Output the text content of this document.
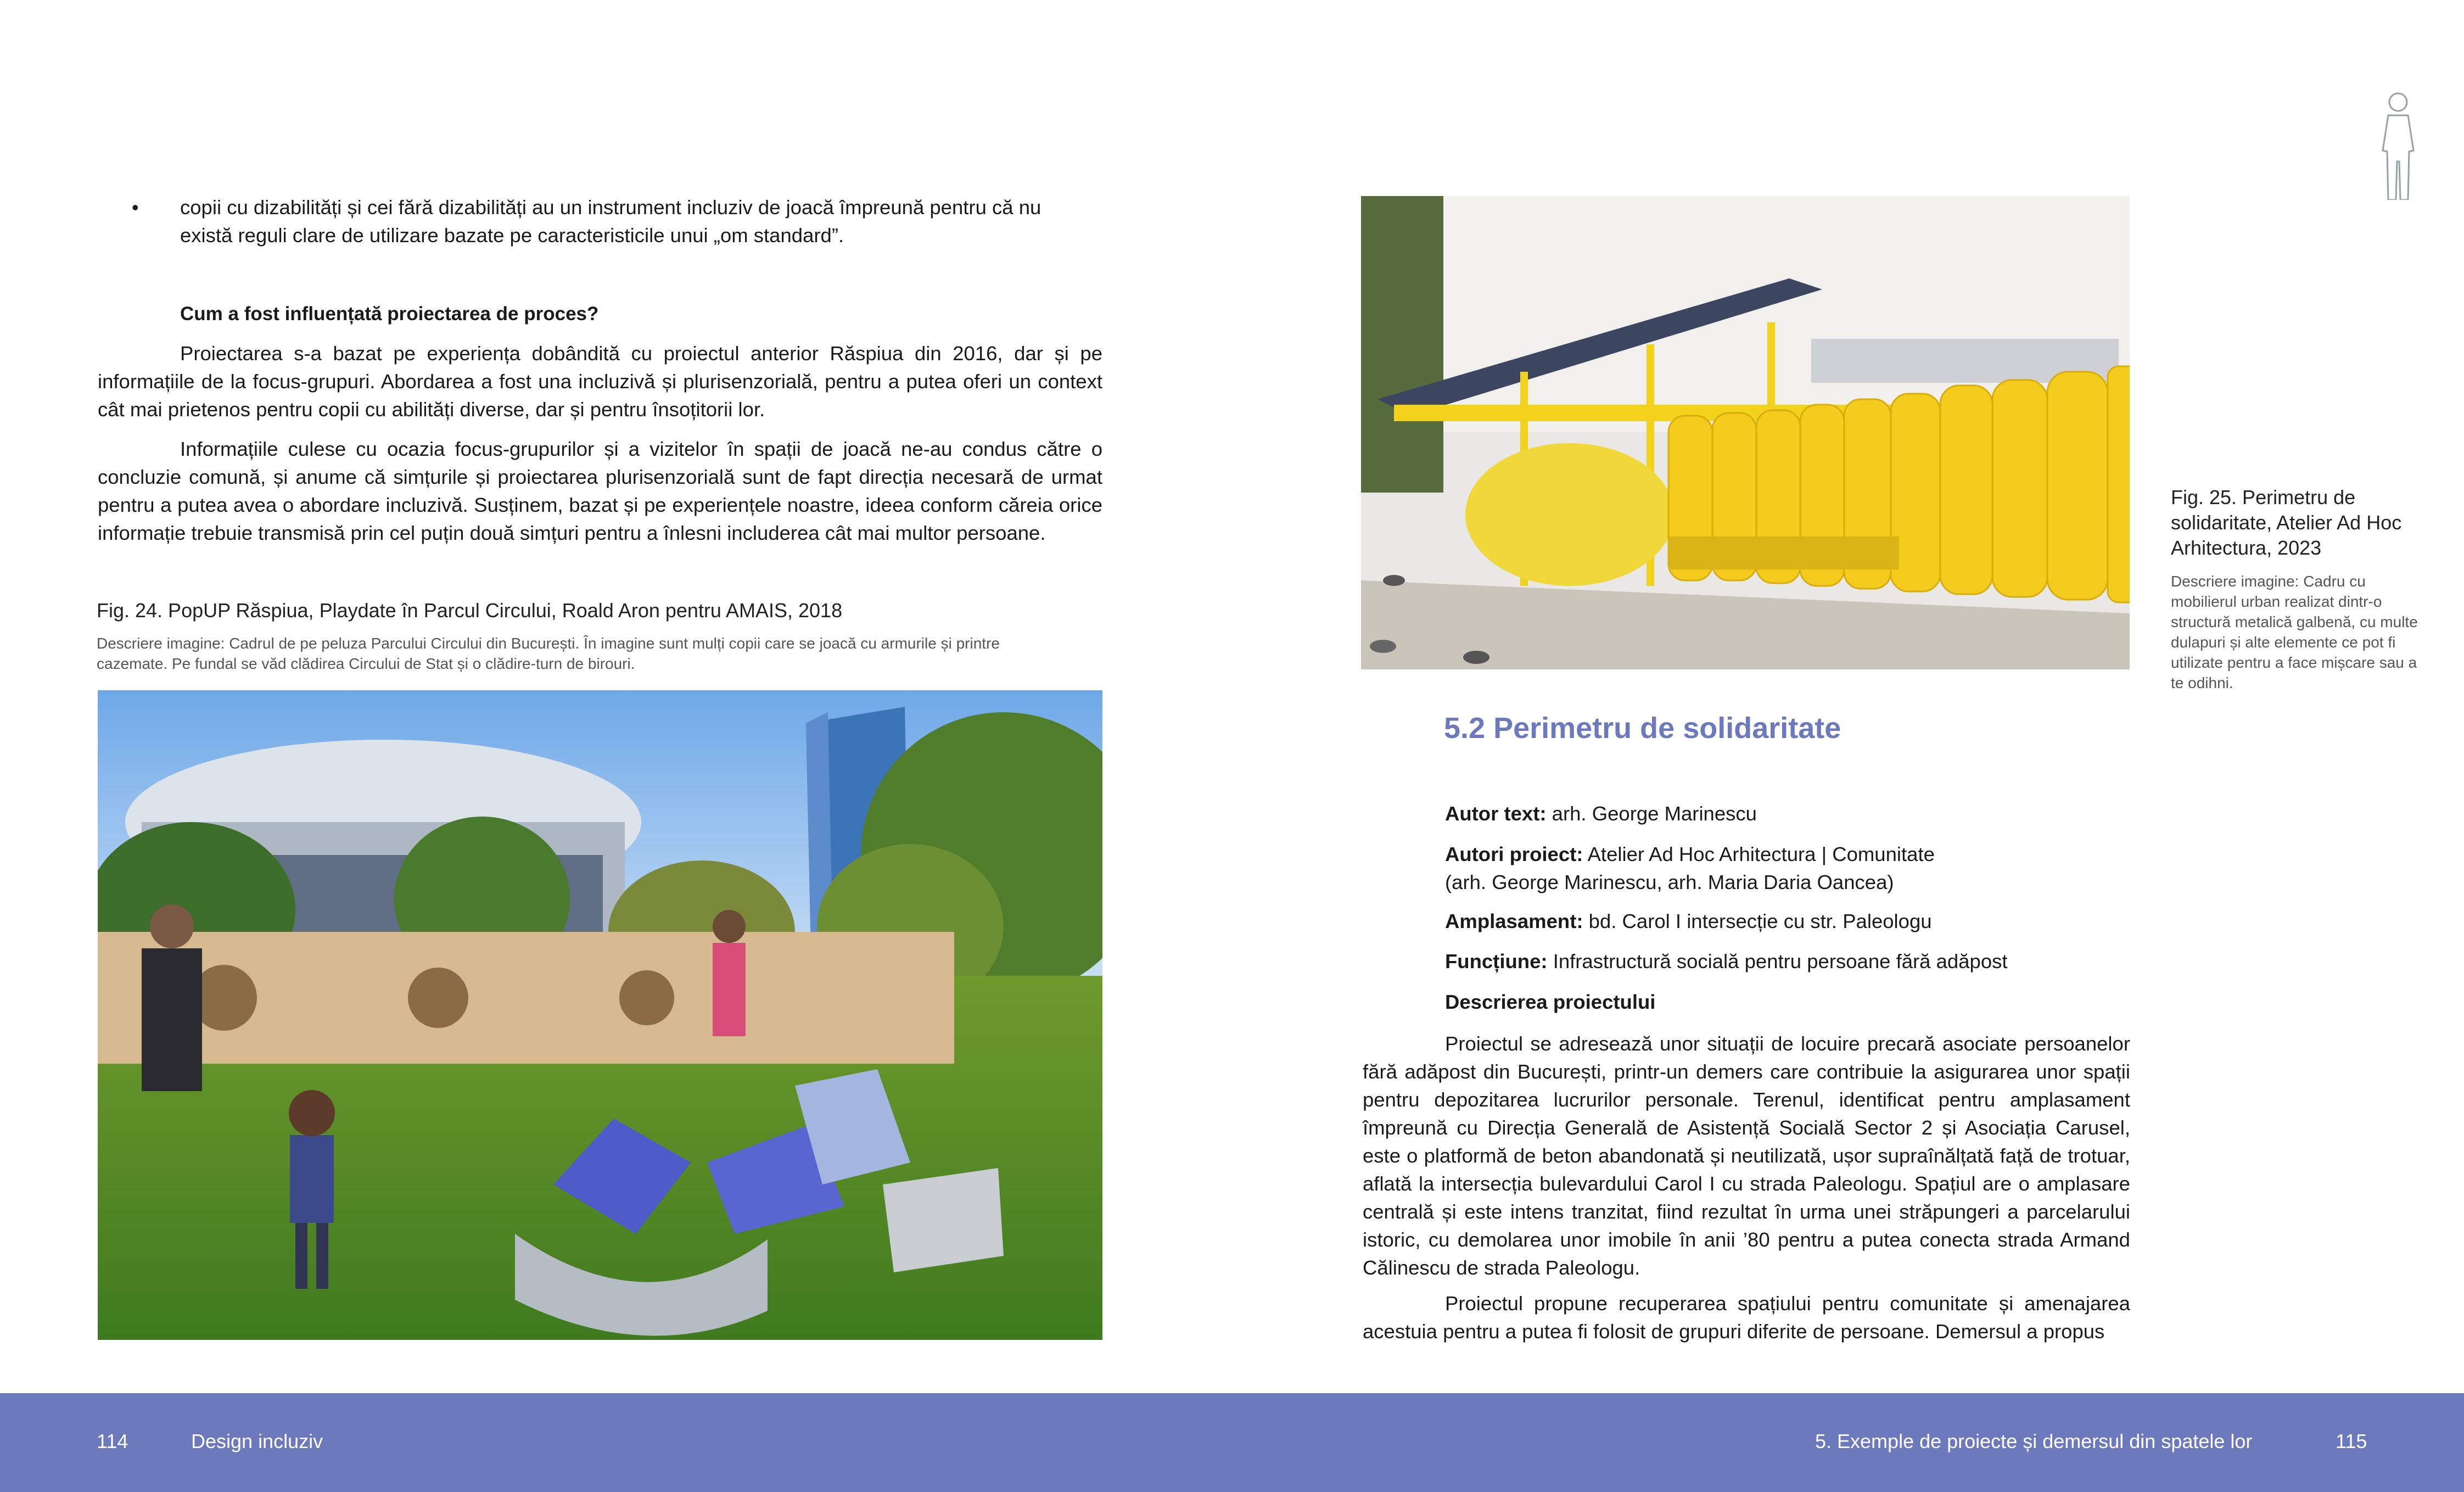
• copii cu dizabilități și cei fără dizabilități au un instrument incluziv de joacă împreună pentru că nu există reguli clare de utilizare bazate pe caracteristicile unui „om standard”.
Cum a fost influențată proiectarea de proces?
Proiectarea s-a bazat pe experiența dobândită cu proiectul anterior Răspiua din 2016, dar și pe informațiile de la focus-grupuri. Abordarea a fost una incluzivă și plurisenzorială, pentru a putea oferi un context cât mai prietenos pentru copii cu abilități diverse, dar și pentru însoțitorii lor.
Informațiile culese cu ocazia focus-grupurilor și a vizitelor în spații de joacă ne-au condus către o concluzie comună, și anume că simțurile și proiectarea plurisenzorială sunt de fapt direcția necesară de urmat pentru a putea avea o abordare incluzivă. Susținem, bazat și pe experiențele noastre, ideea conform căreia orice informație trebuie transmisă prin cel puțin două simțuri pentru a înlesni includerea cât mai multor persoane.
Fig. 24. PopUP Răspiua, Playdate în Parcul Circului, Roald Aron pentru AMAIS, 2018
Descriere imagine: Cadrul de pe peluza Parcului Circului din București. În imagine sunt mulți copii care se joacă cu armurile și printre cazemate. Pe fundal se văd clădirea Circului de Stat și o clădire-turn de birouri.
Fig. 25. Perimetru de solidaritate, Atelier Ad Hoc Arhitectura, 2023
Descriere imagine: Cadru cu mobilierul urban realizat dintr-o structură metalică galbenă, cu multe dulapuri și alte elemente ce pot fi utilizate pentru a face mișcare sau a te odihni.
5.2 Perimetru de solidaritate
Autor text: arh. George Marinescu
Autori proiect: Atelier Ad Hoc Arhitectura | Comunitate
(arh. George Marinescu, arh. Maria Daria Oancea)
Amplasament: bd. Carol I intersecție cu str. Paleologu
Funcțiune: Infrastructură socială pentru persoane fără adăpost
Descrierea proiectului
Proiectul se adresează unor situații de locuire precară asociate persoanelor fără adăpost din București, printr-un demers care contribuie la asigurarea unor spații pentru depozitarea lucrurilor personale. Terenul, identificat pentru amplasament împreună cu Direcția Generală de Asistență Socială Sector 2 și Asociația Carusel, este o platformă de beton abandonată și neutilizată, ușor supraînălțată față de trotuar, aflată la intersecția bulevardului Carol I cu strada Paleologu. Spațiul are o amplasare centrală și este intens tranzitat, fiind rezultat în urma unei străpungeri a parcelarului istoric, cu demolarea unor imobile în anii ’80 pentru a putea conecta strada Armand Călinescu de strada Paleologu.
Proiectul propune recuperarea spațiului pentru comunitate și amenajarea acestuia pentru a putea fi folosit de grupuri diferite de persoane. Demersul a propus
114	Design incluziv	5. Exemple de proiecte și demersul din spatele lor	115
